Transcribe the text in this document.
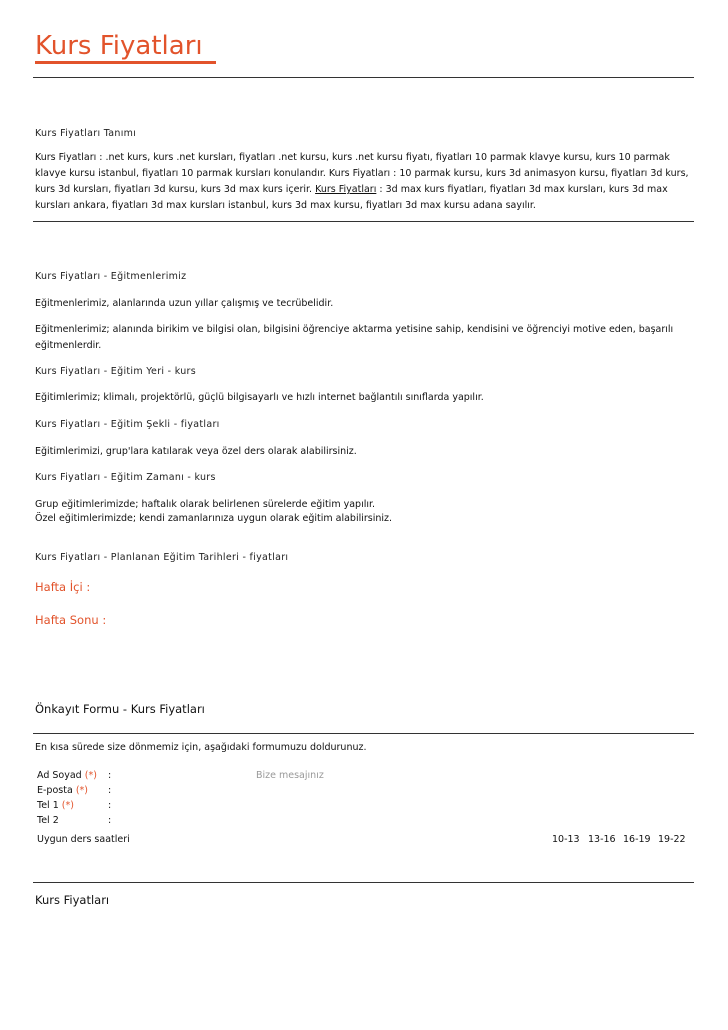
Kurs Fiyatları
Kurs Fiyatları Tanımı
Kurs Fiyatları : .net kurs, kurs .net kursları, fiyatları .net kursu, kurs .net kursu fiyatı, fiyatları 10 parmak klavye kursu, kurs 10 parmak klavye kursu istanbul, fiyatları 10 parmak kursları konulandır. Kurs Fiyatları : 10 parmak kursu, kurs 3d animasyon kursu, fiyatları 3d kurs, kurs 3d kursları, fiyatları 3d kursu, kurs 3d max kurs içerir. Kurs Fiyatları : 3d max kurs fiyatları, fiyatları 3d max kursları, kurs 3d max kursları ankara, fiyatları 3d max kursları istanbul, kurs 3d max kursu, fiyatları 3d max kursu adana sayılır.
Kurs Fiyatları - Eğitmenlerimiz
Eğitmenlerimiz, alanlarında uzun yıllar çalışmış ve tecrübelidir.
Eğitmenlerimiz; alanında birikim ve bilgisi olan, bilgisini öğrenciye aktarma yetisine sahip, kendisini ve öğrenciyi motive eden, başarılı eğitmenlerdir.
Kurs Fiyatları - Eğitim Yeri - kurs
Eğitimlerimiz; klimalı, projektörlü, güçlü bilgisayarlı ve hızlı internet bağlantılı sınıflarda yapılır.
Kurs Fiyatları - Eğitim Şekli - fiyatları
Eğitimlerimizi, grup'lara katılarak veya özel ders olarak alabilirsiniz.
Kurs Fiyatları - Eğitim Zamanı - kurs
Grup eğitimlerimizde; haftalık olarak belirlenen sürelerde eğitim yapılır.
Özel eğitimlerimizde; kendi zamanlarınıza uygun olarak eğitim alabilirsiniz.
Kurs Fiyatları - Planlanan Eğitim Tarihleri - fiyatları
Hafta İçi :
Hafta Sonu :
Önkayıt Formu - Kurs Fiyatları
En kısa sürede size dönmemiz için, aşağıdaki formumuzu doldurunuz.
Ad Soyad (*) :
E-posta (*) :
Tel 1 (*)	:
Tel 2	:
Bize mesajınız
Uygun ders saatleri	10-13 13-16 16-19 19-22
Kurs Fiyatları
